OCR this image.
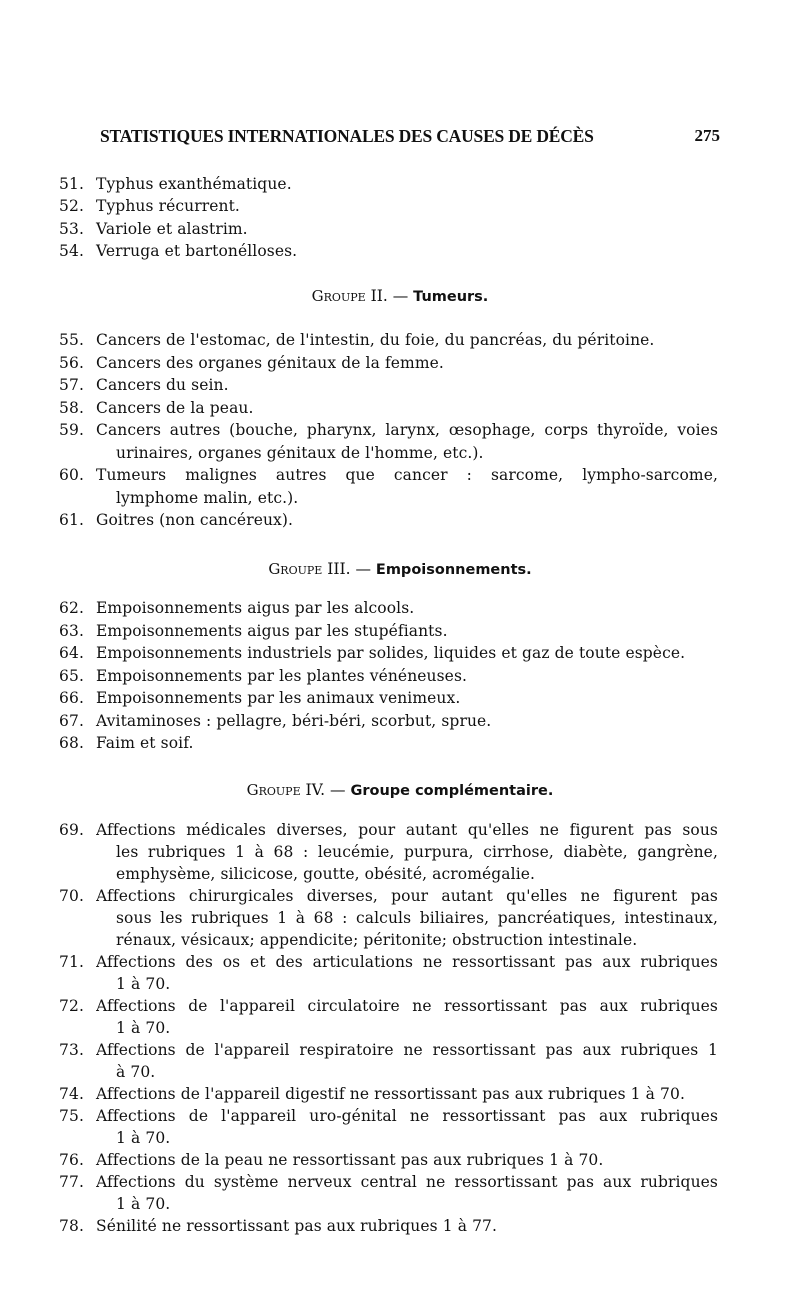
STATISTIQUES INTERNATIONALES DES CAUSES DE DÉCÈS	275
51. Typhus exanthématique.
52. Typhus récurrent.
53. Variole et alastrim.
54. Verruga et bartonélloses.
Groupe II. — Tumeurs.
55. Cancers de l'estomac, de l'intestin, du foie, du pancréas, du péritoine.
56. Cancers des organes génitaux de la femme.
57. Cancers du sein.
58. Cancers de la peau.
59. Cancers autres (bouche, pharynx, larynx, œsophage, corps thyroïde, voies
urinaires, organes génitaux de l'homme, etc.).
60. Tumeurs malignes autres que cancer : sarcome, lympho-sarcome,
lymphome malin, etc.).
61. Goitres (non cancéreux).
Groupe III. — Empoisonnements.
62. Empoisonnements aigus par les alcools.
63. Empoisonnements aigus par les stupéfiants.
64. Empoisonnements industriels par solides, liquides et gaz de toute espèce.
65. Empoisonnements par les plantes vénéneuses.
66. Empoisonnements par les animaux venimeux.
67. Avitaminoses : pellagre, béri-béri, scorbut, sprue.
68. Faim et soif.
Groupe IV. — Groupe complémentaire.
69. Affections médicales diverses, pour autant qu'elles ne figurent pas sous
les rubriques 1 à 68 : leucémie, purpura, cirrhose, diabète, gangrène,
emphysème, silicicose, goutte, obésité, acromégalie.
70. Affections chirurgicales diverses, pour autant qu'elles ne figurent pas
sous les rubriques 1 à 68 : calculs biliaires, pancréatiques, intestinaux,
rénaux, vésicaux; appendicite; péritonite; obstruction intestinale.
71. Affections des os et des articulations ne ressortissant pas aux rubriques
1 à 70.
72. Affections de l'appareil circulatoire ne ressortissant pas aux rubriques
1 à 70.
73. Affections de l'appareil respiratoire ne ressortissant pas aux rubriques 1
à 70.
74. Affections de l'appareil digestif ne ressortissant pas aux rubriques 1 à 70.
75. Affections de l'appareil uro-génital ne ressortissant pas aux rubriques
1 à 70.
76. Affections de la peau ne ressortissant pas aux rubriques 1 à 70.
77. Affections du système nerveux central ne ressortissant pas aux rubriques
1 à 70.
78. Sénilité ne ressortissant pas aux rubriques 1 à 77.
